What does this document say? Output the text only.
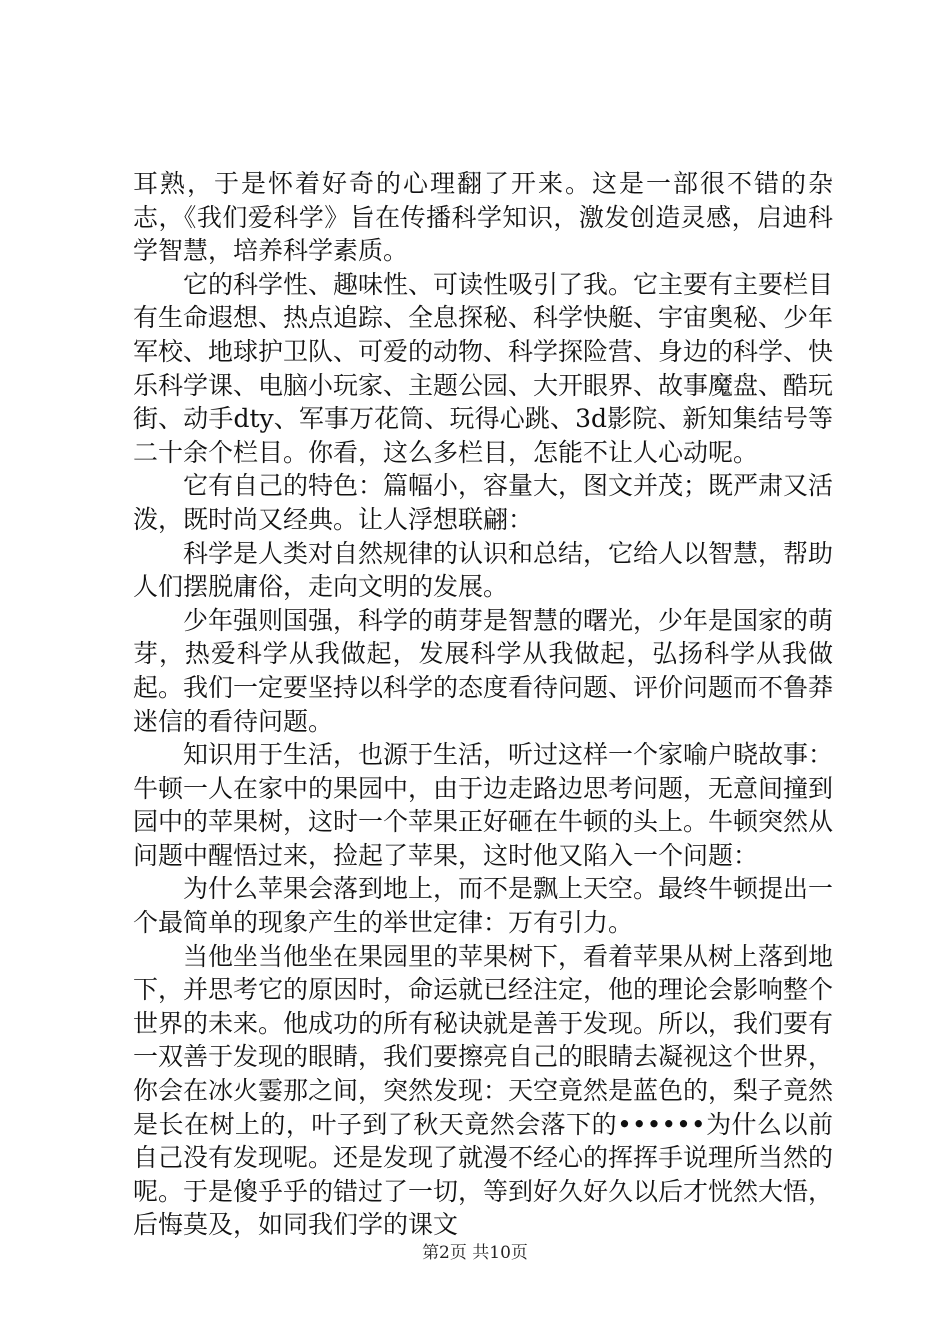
耳熟，于是怀着好奇的心理翻了开来。这是一部很不错的杂志，《我们爱科学》旨在传播科学知识，激发创造灵感，启迪科学智慧，培养科学素质。

它的科学性、趣味性、可读性吸引了我。它主要有主要栏目有生命遐想、热点追踪、全息探秘、科学快艇、宇宙奥秘、少年军校、地球护卫队、可爱的动物、科学探险营、身边的科学、快乐科学课、电脑小玩家、主题公园、大开眼界、故事魔盘、酷玩街、动手dty、军事万花筒、玩得心跳、3d影院、新知集结号等二十余个栏目。你看，这么多栏目，怎能不让人心动呢。

它有自己的特色：篇幅小，容量大，图文并茂；既严肃又活泼，既时尚又经典。让人浮想联翩：

科学是人类对自然规律的认识和总结，它给人以智慧，帮助人们摆脱庸俗，走向文明的发展。

少年强则国强，科学的萌芽是智慧的曙光，少年是国家的萌芽，热爱科学从我做起，发展科学从我做起，弘扬科学从我做起。我们一定要坚持以科学的态度看待问题、评价问题而不鲁莽迷信的看待问题。

知识用于生活，也源于生活，听过这样一个家喻户晓故事：牛顿一人在家中的果园中，由于边走路边思考问题，无意间撞到园中的苹果树，这时一个苹果正好砸在牛顿的头上。牛顿突然从问题中醒悟过来，捡起了苹果，这时他又陷入一个问题：

为什么苹果会落到地上，而不是飘上天空。最终牛顿提出一个最简单的现象产生的举世定律：万有引力。

当他坐当他坐在果园里的苹果树下，看着苹果从树上落到地下，并思考它的原因时，命运就已经注定，他的理论会影响整个世界的未来。他成功的所有秘诀就是善于发现。所以，我们要有一双善于发现的眼睛，我们要擦亮自己的眼睛去凝视这个世界，你会在冰火霎那之间，突然发现：天空竟然是蓝色的，梨子竟然是长在树上的，叶子到了秋天竟然会落下的••••••为什么以前自己没有发现呢。还是发现了就漫不经心的挥挥手说理所当然的呢。于是傻乎乎的错过了一切，等到好久好久以后才恍然大悟，后悔莫及，如同我们学的课文

第2页 共10页
